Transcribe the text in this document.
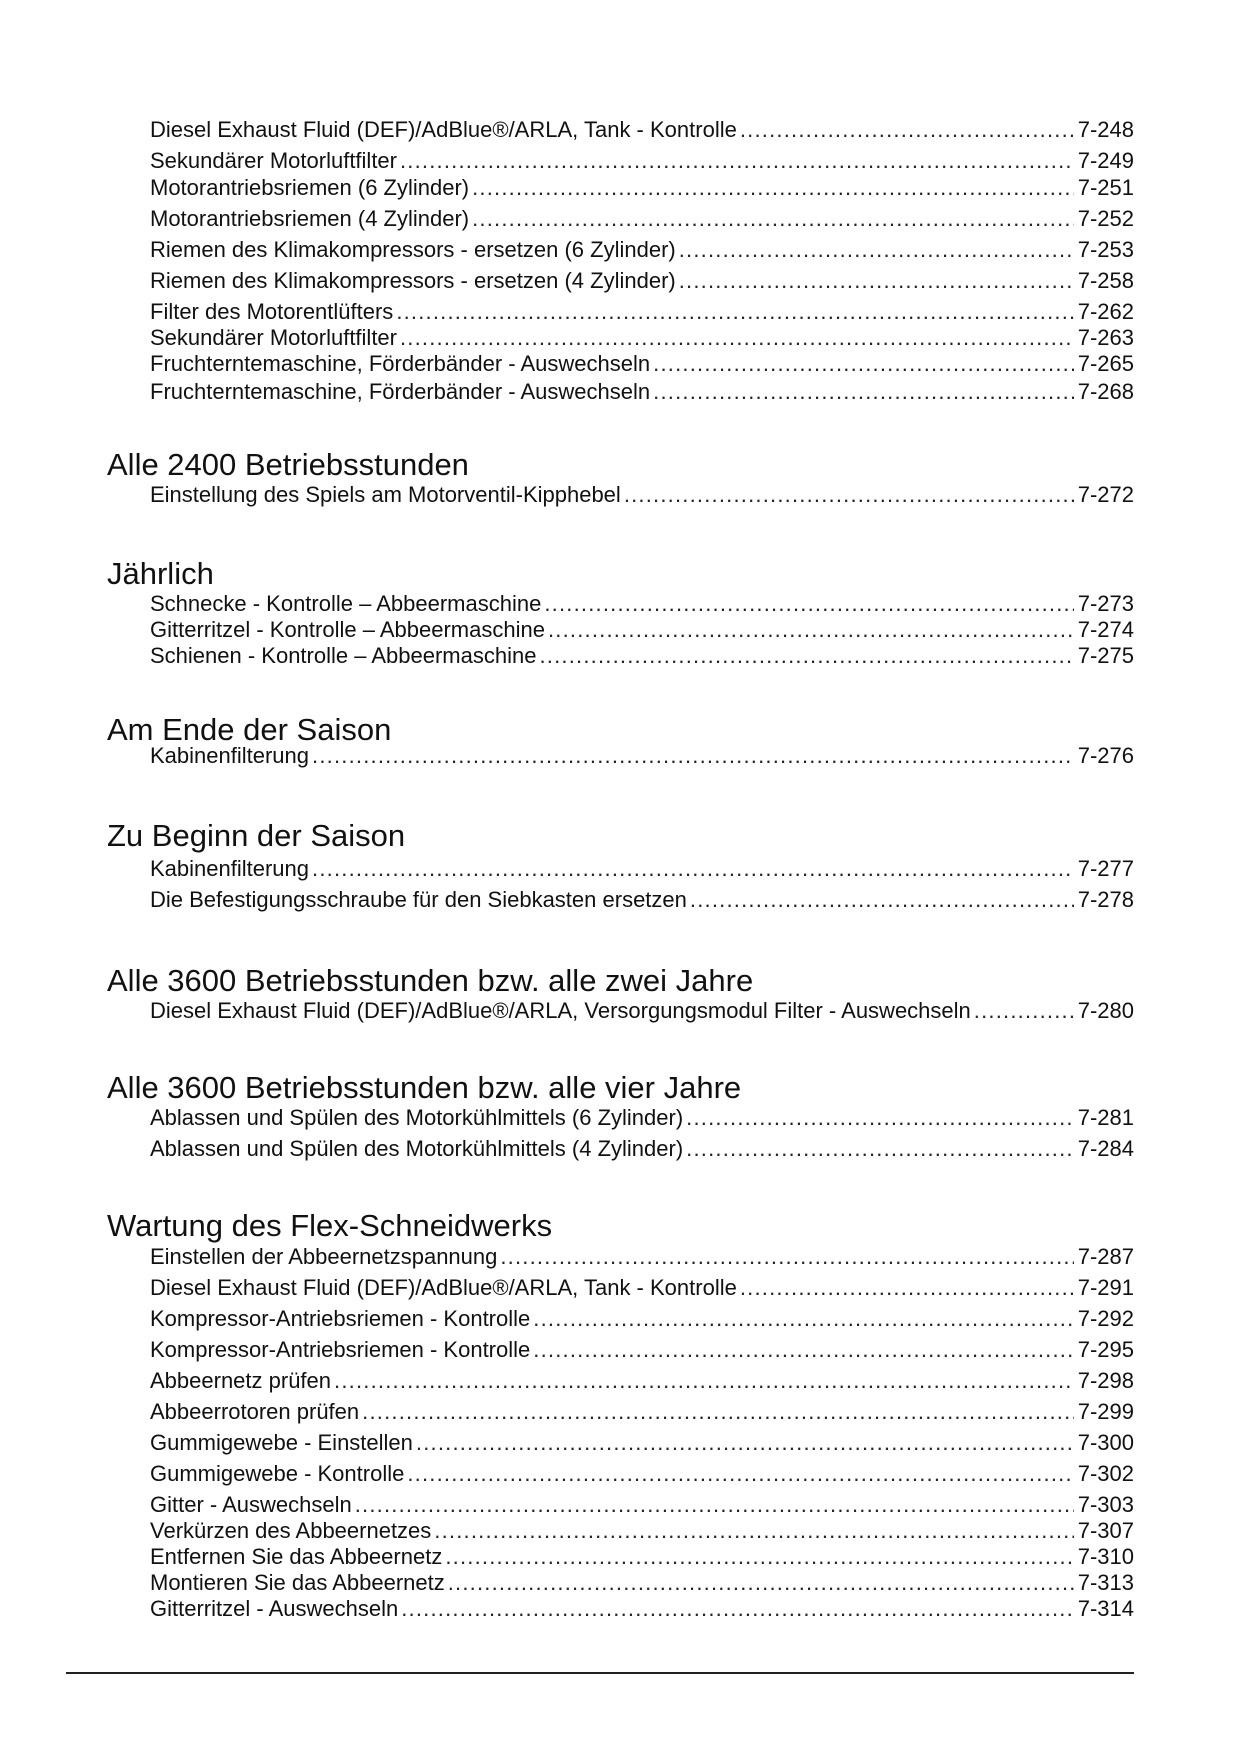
Diesel Exhaust Fluid (DEF)/AdBlue®/ARLA, Tank - Kontrolle .....	7-248
Sekundärer Motorluftfilter .....	7-249
Motorantriebsriemen (6 Zylinder) .....	7-251
Motorantriebsriemen (4 Zylinder) .....	7-252
Riemen des Klimakompressors - ersetzen (6 Zylinder) .....	7-253
Riemen des Klimakompressors - ersetzen (4 Zylinder) .....	7-258
Filter des Motorentlüfters .....	7-262
Sekundärer Motorluftfilter .....	7-263
Fruchterntemaschine, Förderbänder - Auswechseln .....	7-265
Fruchterntemaschine, Förderbänder - Auswechseln .....	7-268
Alle 2400 Betriebsstunden
Einstellung des Spiels am Motorventil-Kipphebel .....	7-272
Jährlich
Schnecke - Kontrolle – Abbeermaschine .....	7-273
Gitterritzel - Kontrolle – Abbeermaschine .....	7-274
Schienen - Kontrolle – Abbeermaschine .....	7-275
Am Ende der Saison
Kabinenfilterung .....	7-276
Zu Beginn der Saison
Kabinenfilterung .....	7-277
Die Befestigungsschraube für den Siebkasten ersetzen .....	7-278
Alle 3600 Betriebsstunden bzw. alle zwei Jahre
Diesel Exhaust Fluid (DEF)/AdBlue®/ARLA, Versorgungsmodul Filter - Auswechseln .....	7-280
Alle 3600 Betriebsstunden bzw. alle vier Jahre
Ablassen und Spülen des Motorkühlmittels (6 Zylinder) .....	7-281
Ablassen und Spülen des Motorkühlmittels (4 Zylinder) .....	7-284
Wartung des Flex-Schneidwerks
Einstellen der Abbeernetzspannung .....	7-287
Diesel Exhaust Fluid (DEF)/AdBlue®/ARLA, Tank - Kontrolle .....	7-291
Kompressor-Antriebsriemen - Kontrolle .....	7-292
Kompressor-Antriebsriemen - Kontrolle .....	7-295
Abbeernetz prüfen .....	7-298
Abbeerrotoren prüfen .....	7-299
Gummigewebe - Einstellen .....	7-300
Gummigewebe - Kontrolle .....	7-302
Gitter - Auswechseln .....	7-303
Verkürzen des Abbeernetzes .....	7-307
Entfernen Sie das Abbeernetz .....	7-310
Montieren Sie das Abbeernetz .....	7-313
Gitterritzel - Auswechseln .....	7-314
